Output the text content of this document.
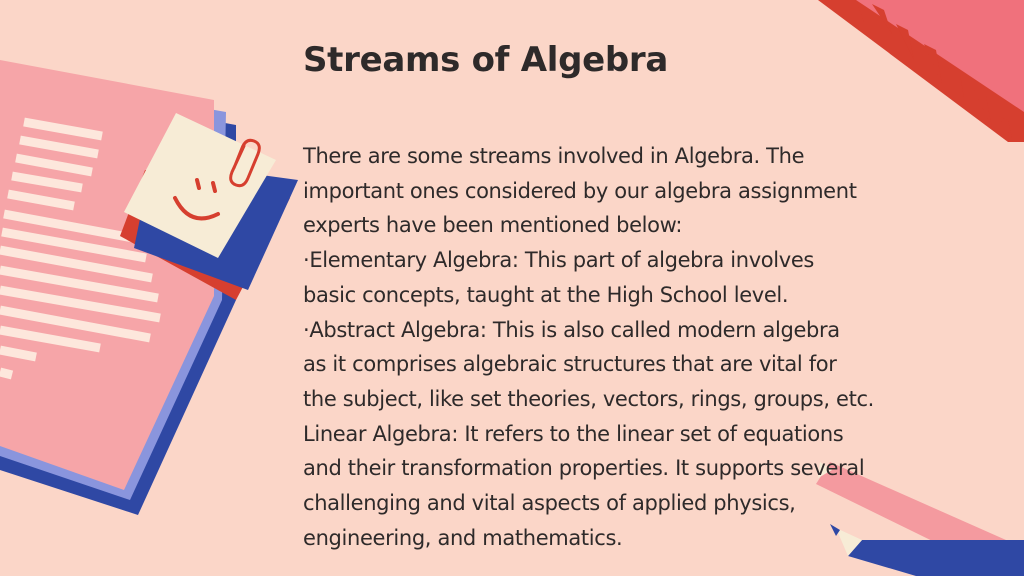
Streams of Algebra
There are some streams involved in Algebra. The
important ones considered by our algebra assignment
experts have been mentioned below:
·Elementary Algebra: This part of algebra involves
basic concepts, taught at the High School level.
·Abstract Algebra: This is also called modern algebra
as it comprises algebraic structures that are vital for
the subject, like set theories, vectors, rings, groups, etc.
Linear Algebra: It refers to the linear set of equations
and their transformation properties. It supports several
challenging and vital aspects of applied physics,
engineering, and mathematics.
